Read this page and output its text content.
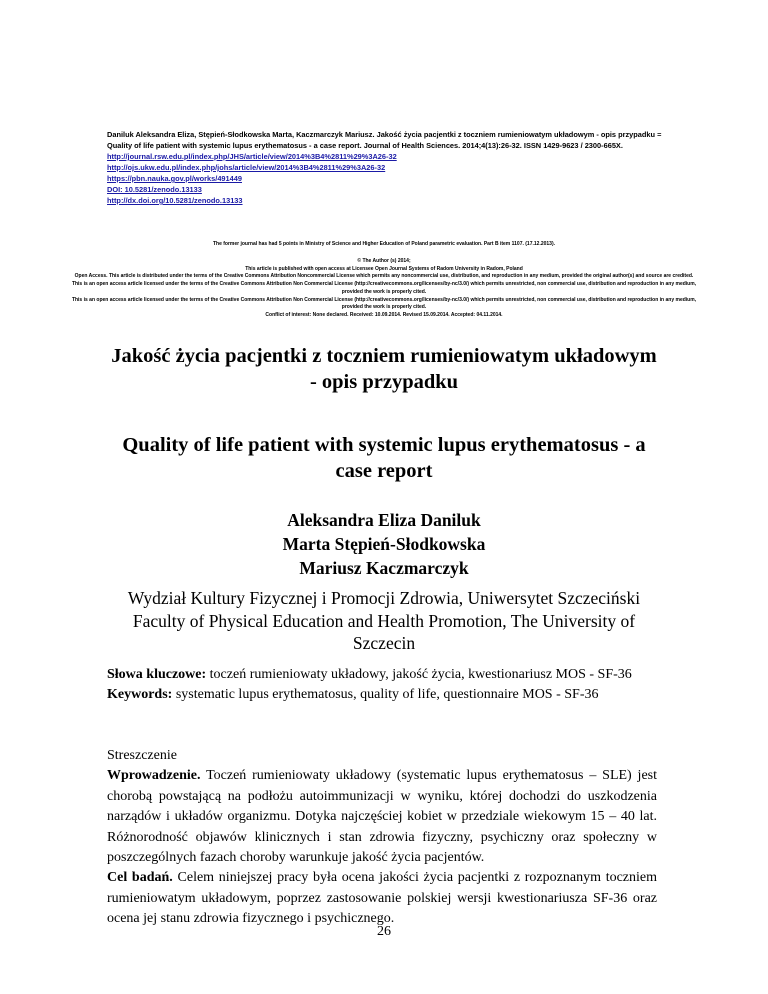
Daniluk Aleksandra Eliza, Stępień-Słodkowska Marta, Kaczmarczyk Mariusz. Jakość życia pacjentki z toczniem rumieniowatym układowym - opis przypadku = Quality of life patient with systemic lupus erythematosus - a case report. Journal of Health Sciences. 2014;4(13):26-32. ISSN 1429-9623 / 2300-665X.
http://journal.rsw.edu.pl/index.php/JHS/article/view/2014%3B4%2811%29%3A26-32
http://ojs.ukw.edu.pl/index.php/johs/article/view/2014%3B4%2811%29%3A26-32
https://pbn.nauka.gov.pl/works/491449
DOI: 10.5281/zenodo.13133
http://dx.doi.org/10.5281/zenodo.13133
The former journal has had 5 points in Ministry of Science and Higher Education of Poland parametric evaluation. Part B item 1107. (17.12.2013).
© The Author (s) 2014;
This article is published with open access at Licensee Open Journal Systems of Radom University in Radom, Poland
Open Access. This article is distributed under the terms of the Creative Commons Attribution Noncommercial License which permits any noncommercial use, distribution, and reproduction in any medium, provided the original author(s) and source are credited. This is an open access article licensed under the terms of the Creative Commons Attribution Non Commercial License (http://creativecommons.org/licenses/by-nc/3.0/) which permits unrestricted, non commercial use, distribution and reproduction in any medium, provided the work is properly cited.
This is an open access article licensed under the terms of the Creative Commons Attribution Non Commercial License (http://creativecommons.org/licenses/by-nc/3.0/) which permits unrestricted, non commercial use, distribution and reproduction in any medium, provided the work is properly cited.
Conflict of interest: None declared. Received: 10.09.2014. Revised 15.09.2014. Accepted: 04.11.2014.
Jakość życia pacjentki z toczniem rumieniowatym układowym - opis przypadku
Quality of life patient with systemic lupus erythematosus - a case report
Aleksandra Eliza Daniluk
Marta Stępień-Słodkowska
Mariusz Kaczmarczyk
Wydział Kultury Fizycznej i Promocji Zdrowia, Uniwersytet Szczeciński Faculty of Physical Education and Health Promotion, The University of Szczecin
Słowa kluczowe: toczeń rumieniowaty układowy, jakość życia, kwestionariusz MOS - SF-36
Keywords: systematic lupus erythematosus, quality of life, questionnaire MOS - SF-36

Streszczenie

Wprowadzenie. Toczeń rumieniowaty układowy (systematic lupus erythematosus – SLE) jest chorobą powstającą na podłożu autoimmunizacji w wyniku, której dochodzi do uszkodzenia narządów i układów organizmu. Dotyka najczęściej kobiet w przedziale wiekowym 15 – 40 lat. Różnorodność objawów klinicznych i stan zdrowia fizyczny, psychiczny oraz społeczny w poszczególnych fazach choroby warunkuje jakość życia pacjentów.

Cel badań. Celem niniejszej pracy była ocena jakości życia pacjentki z rozpoznanym toczniem rumieniowatym układowym, poprzez zastosowanie polskiej wersji kwestionariusza SF-36 oraz ocena jej stanu zdrowia fizycznego i psychicznego.

26
